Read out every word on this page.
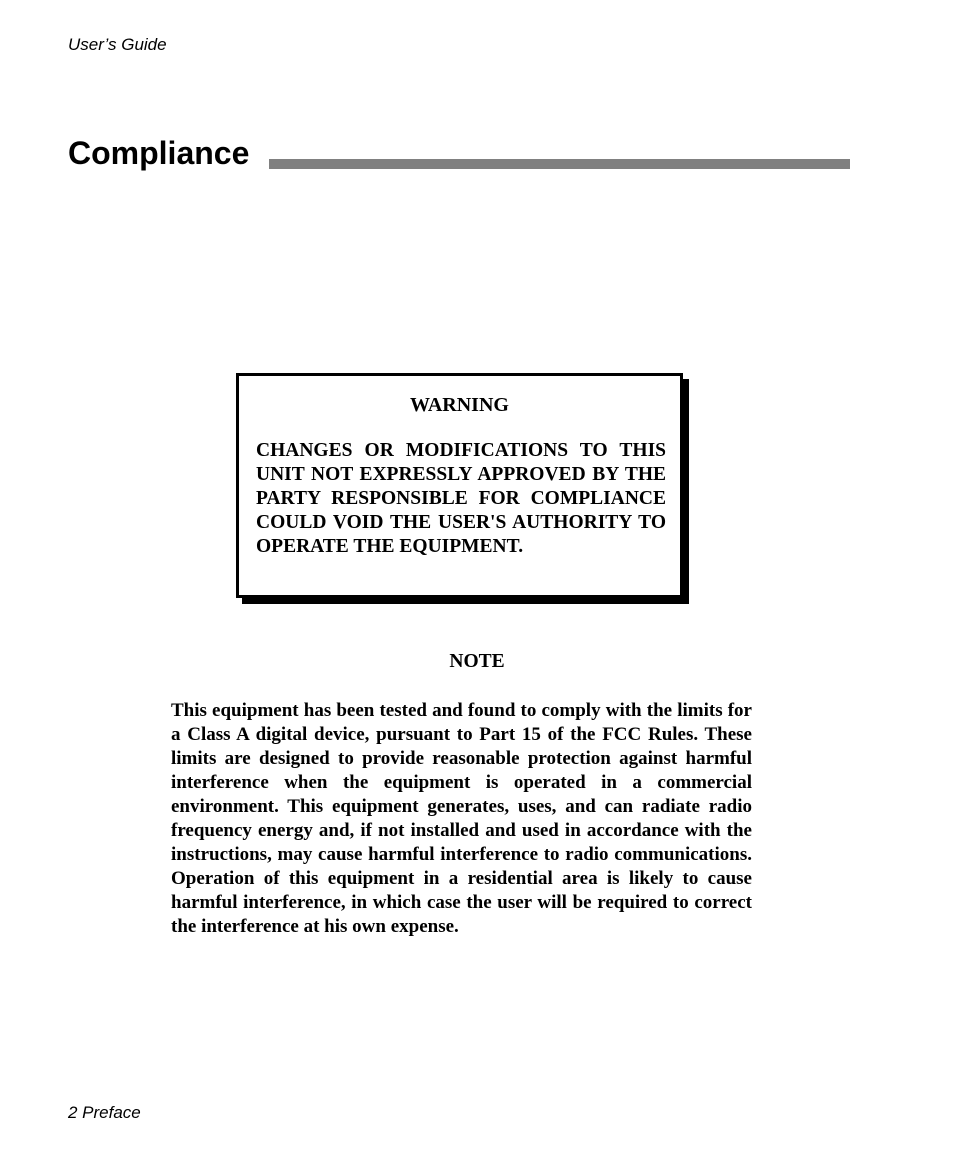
User’s Guide
Compliance
WARNING
CHANGES OR MODIFICATIONS TO THIS UNIT NOT EXPRESSLY APPROVED BY THE PARTY RESPONSIBLE FOR COMPLIANCE COULD VOID THE USER'S AUTHORITY TO OPERATE THE EQUIPMENT.
NOTE
This equipment has been tested and found to comply with the limits for a Class A digital device, pursuant to Part 15 of the FCC Rules. These limits are designed to provide reasonable protection against harmful interference when the equipment is operated in a commercial environment. This equipment generates, uses, and can radiate radio frequency energy and, if not installed and used in accordance with the instructions, may cause harmful interference to radio communications. Operation of this equipment in a residential area is likely to cause harmful interference, in which case the user will be required to correct the interference at his own expense.
2 Preface
